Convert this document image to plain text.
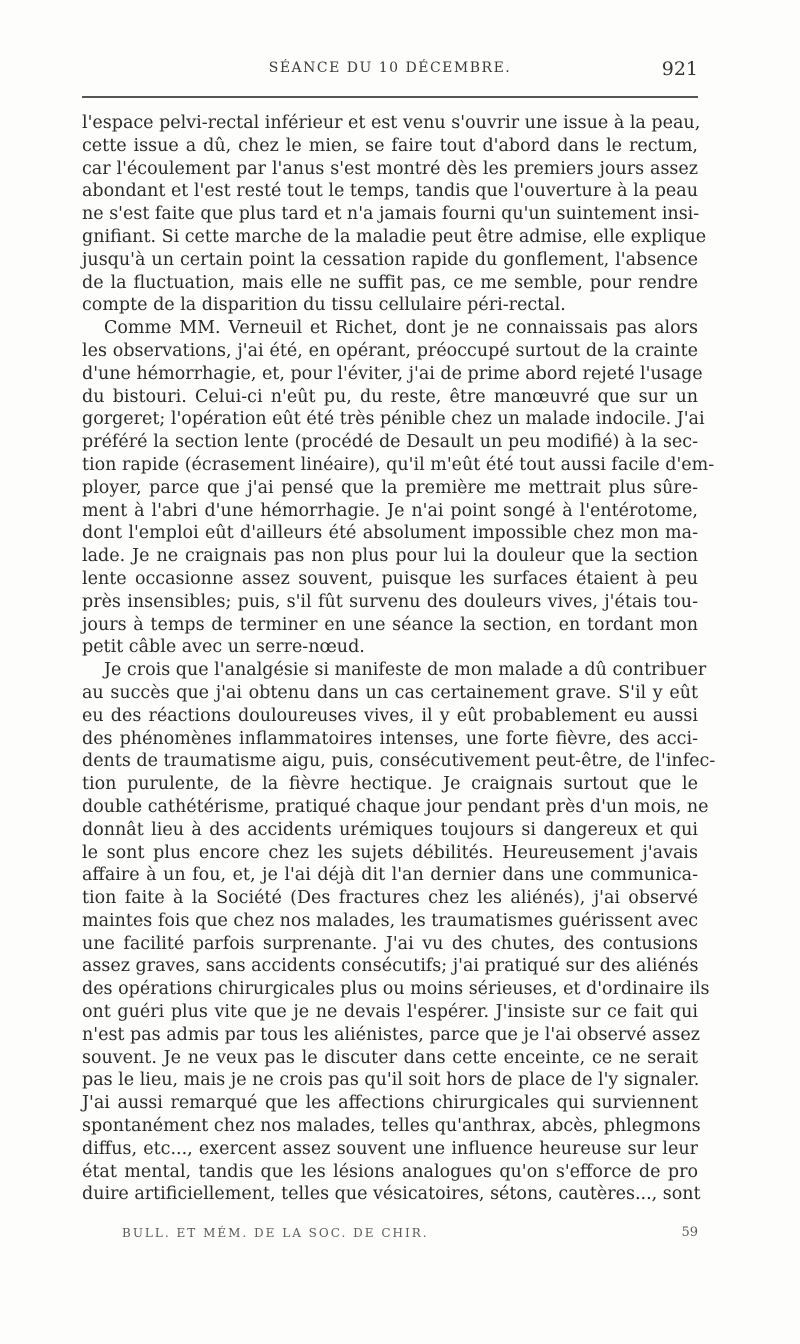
SÉANCE DU 10 DÉCEMBRE.	921
l'espace pelvi-rectal inférieur et est venu s'ouvrir une issue à la peau,
cette issue a dû, chez le mien, se faire tout d'abord dans le rectum,
car l'écoulement par l'anus s'est montré dès les premiers jours assez
abondant et l'est resté tout le temps, tandis que l'ouverture à la peau
ne s'est faite que plus tard et n'a jamais fourni qu'un suintement insi-
gnifiant. Si cette marche de la maladie peut être admise, elle explique
jusqu'à un certain point la cessation rapide du gonflement, l'absence
de la fluctuation, mais elle ne suffit pas, ce me semble, pour rendre
compte de la disparition du tissu cellulaire péri-rectal.
Comme MM. Verneuil et Richet, dont je ne connaissais pas alors
les observations, j'ai été, en opérant, préoccupé surtout de la crainte
d'une hémorrhagie, et, pour l'éviter, j'ai de prime abord rejeté l'usage
du bistouri. Celui-ci n'eût pu, du reste, être manœuvré que sur un
gorgeret; l'opération eût été très pénible chez un malade indocile. J'ai
préféré la section lente (procédé de Desault un peu modifié) à la sec-
tion rapide (écrasement linéaire), qu'il m'eût été tout aussi facile d'em-
ployer, parce que j'ai pensé que la première me mettrait plus sûre-
ment à l'abri d'une hémorrhagie. Je n'ai point songé à l'entérotome,
dont l'emploi eût d'ailleurs été absolument impossible chez mon ma-
lade. Je ne craignais pas non plus pour lui la douleur que la section
lente occasionne assez souvent, puisque les surfaces étaient à peu
près insensibles; puis, s'il fût survenu des douleurs vives, j'étais tou-
jours à temps de terminer en une séance la section, en tordant mon
petit câble avec un serre-nœud.
Je crois que l'analgésie si manifeste de mon malade a dû contribuer
au succès que j'ai obtenu dans un cas certainement grave. S'il y eût
eu des réactions douloureuses vives, il y eût probablement eu aussi
des phénomènes inflammatoires intenses, une forte fièvre, des acci-
dents de traumatisme aigu, puis, consécutivement peut-être, de l'infec-
tion purulente, de la fièvre hectique. Je craignais surtout que le
double cathétérisme, pratiqué chaque jour pendant près d'un mois, ne
donnât lieu à des accidents urémiques toujours si dangereux et qui
le sont plus encore chez les sujets débilités. Heureusement j'avais
affaire à un fou, et, je l'ai déjà dit l'an dernier dans une communica-
tion faite à la Société (Des fractures chez les aliénés), j'ai observé
maintes fois que chez nos malades, les traumatismes guérissent avec
une facilité parfois surprenante. J'ai vu des chutes, des contusions
assez graves, sans accidents consécutifs; j'ai pratiqué sur des aliénés
des opérations chirurgicales plus ou moins sérieuses, et d'ordinaire ils
ont guéri plus vite que je ne devais l'espérer. J'insiste sur ce fait qui
n'est pas admis par tous les aliénistes, parce que je l'ai observé assez
souvent. Je ne veux pas le discuter dans cette enceinte, ce ne serait
pas le lieu, mais je ne crois pas qu'il soit hors de place de l'y signaler.
J'ai aussi remarqué que les affections chirurgicales qui surviennent
spontanément chez nos malades, telles qu'anthrax, abcès, phlegmons
diffus, etc..., exercent assez souvent une influence heureuse sur leur
état mental, tandis que les lésions analogues qu'on s'efforce de pro
duire artificiellement, telles que vésicatoires, sétons, cautères..., sont
BULL. ET MÉM. DE LA SOC. DE CHIR.	59
